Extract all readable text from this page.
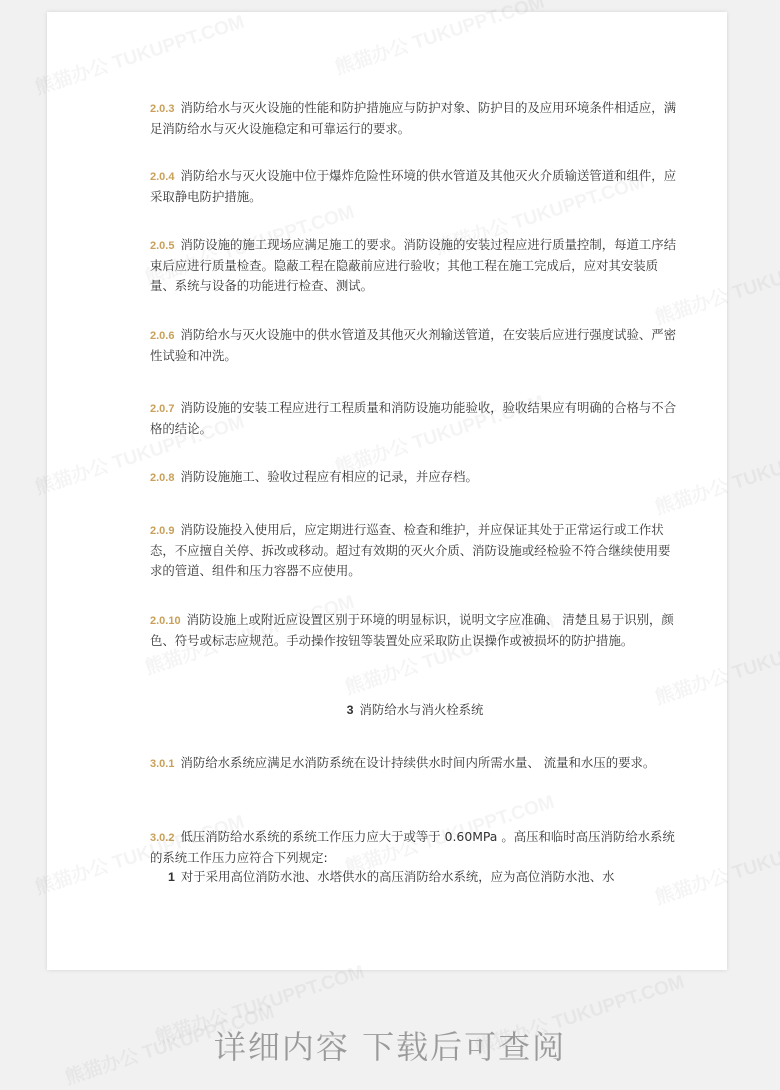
2.0.3 消防给水与灭火设施的性能和防护措施应与防护对象、防护目的及应用环境条件相适应，满足消防给水与灭火设施稳定和可靠运行的要求。

2.0.4 消防给水与灭火设施中位于爆炸危险性环境的供水管道及其他灭火介质输送管道和组件，应采取静电防护措施。

2.0.5 消防设施的施工现场应满足施工的要求。消防设施的安装过程应进行质量控制，每道工序结束后应进行质量检查。隐蔽工程在隐蔽前应进行验收；其他工程在施工完成后，应对其安装质量、系统与设备的功能进行检查、测试。

2.0.6 消防给水与灭火设施中的供水管道及其他灭火剂输送管道，在安装后应进行强度试验、严密性试验和冲洗。

2.0.7 消防设施的安装工程应进行工程质量和消防设施功能验收，验收结果应有明确的合格与不合格的结论。

2.0.8 消防设施施工、验收过程应有相应的记录，并应存档。

2.0.9 消防设施投入使用后，应定期进行巡查、检查和维护，并应保证其处于正常运行或工作状态，不应擅自关停、拆改或移动。超过有效期的灭火介质、消防设施或经检验不符合继续使用要求的管道、组件和压力容器不应使用。

2.0.10 消防设施上或附近应设置区别于环境的明显标识，说明文字应准确、 清楚且易于识别，颜色、符号或标志应规范。手动操作按钮等装置处应采取防止误操作或被损坏的防护措施。

3 消防给水与消火栓系统

3.0.1 消防给水系统应满足水消防系统在设计持续供水时间内所需水量、 流量和水压的要求。

3.0.2 低压消防给水系统的系统工作压力应大于或等于 0.60MPa 。高压和临时高压消防给水系统的系统工作压力应符合下列规定:

1 对于采用高位消防水池、水塔供水的高压消防给水系统，应为高位消防水池、水
详细内容 下载后可查阅
